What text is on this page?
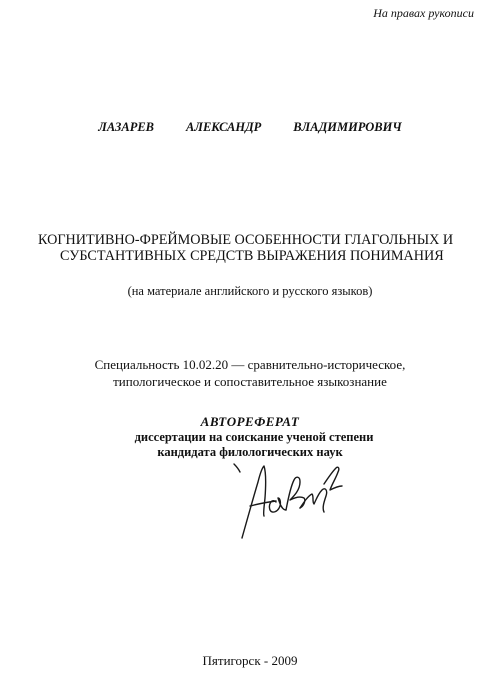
На правах рукописи
ЛАЗАРЕВ	АЛЕКСАНДР	ВЛАДИМИРОВИЧ
КОГНИТИВНО-ФРЕЙМОВЫЕ ОСОБЕННОСТИ ГЛАГОЛЬНЫХ И
СУБСТАНТИВНЫХ СРЕДСТВ ВЫРАЖЕНИЯ ПОНИМАНИЯ
(на материале английского и русского языков)
Специальность 10.02.20 — сравнительно-историческое,
типологическое и сопоставительное языкознание
АВТОРЕФЕРАТ
диссертации на соискание ученой степени
кандидата филологических наук
Пятигорск - 2009
